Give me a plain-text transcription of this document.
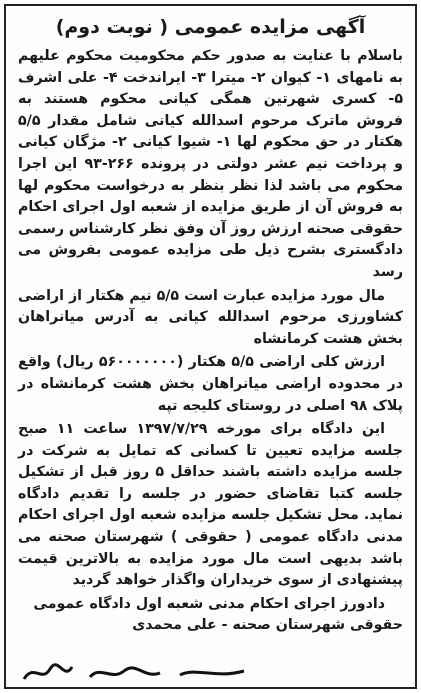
آگهی مزایده عمومی ( نوبت دوم)

باسلام با عنایت به صدور حکم محکومیت محکوم علیهم به نامهای ۱- کیوان ۲- میترا ۳- ایراندخت ۴- علی اشرف ۵- کسری شهرتین همگی کیانی محکوم هستند به فروش ماترک مرحوم اسدالله کیانی شامل مقدار ۵/۵ هکتار در حق محکوم لها ۱- شیوا کیانی ۲- مژگان کیانی و پرداخت نیم عشر دولتی در پرونده ۲۶۶-۹۳ این اجرا محکوم می باشد لذا نظر بنظر به درخواست محکوم لها به فروش آن از طریق مزایده از شعبه اول اجرای احکام حقوقی صحنه ارزش روز آن وفق نظر کارشناس رسمی دادگستری بشرح ذیل طی مزایده عمومی بفروش می رسد

مال مورد مزایده عبارت است ۵/۵ نیم هکتار از اراضی کشاورزی مرحوم اسدالله کیانی به آدرس میانراهان بخش هشت کرمانشاه

ارزش کلی اراضی ۵/۵ هکتار (۵۶۰۰۰۰۰۰۰ ریال) واقع در محدوده اراضی میانراهان بخش هشت کرمانشاه در پلاک ۹۸ اصلی در روستای کلیجه تپه

این دادگاه برای مورخه ۱۳۹۷/۷/۲۹ ساعت ۱۱ صبح جلسه مزایده تعیین تا کسانی که تمایل به شرکت در جلسه مزایده داشته باشند حداقل ۵ روز قبل از تشکیل جلسه کتبا تقاضای حضور در جلسه را تقدیم دادگاه نماید. محل تشکیل جلسه مزایده شعبه اول اجرای احکام مدنی دادگاه عمومی ( حقوقی ) شهرستان صحنه می باشد بدیهی است مال مورد مزایده به بالاترین قیمت پیشنهادی از سوی خریداران واگذار خواهد گردید

دادورز اجرای احکام مدنی شعبه اول دادگاه عمومی حقوقی شهرستان صحنه - علی محمدی
